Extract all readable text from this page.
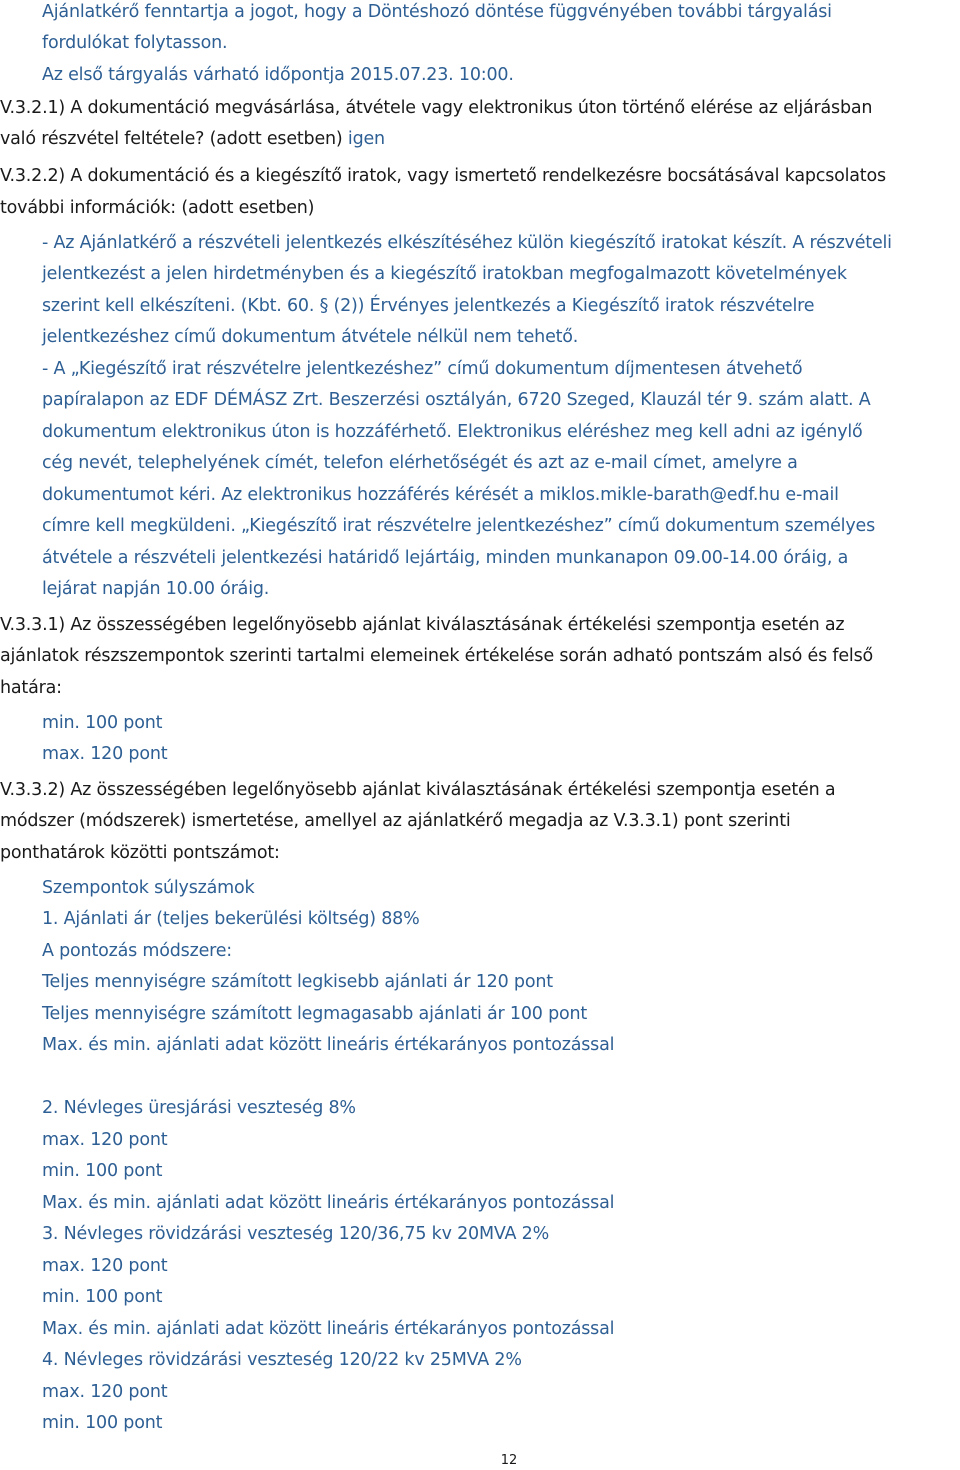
Ajánlatkérő fenntartja a jogot, hogy a Döntéshozó döntése függvényében további tárgyalási
fordulókat folytasson.
Az első tárgyalás várható időpontja 2015.07.23. 10:00.
V.3.2.1) A dokumentáció megvásárlása, átvétele vagy elektronikus úton történő elérése az eljárásban
való részvétel feltétele? (adott esetben) igen
V.3.2.2) A dokumentáció és a kiegészítő iratok, vagy ismertető rendelkezésre bocsátásával kapcsolatos
további információk: (adott esetben)
- Az Ajánlatkérő a részvételi jelentkezés elkészítéséhez külön kiegészítő iratokat készít. A részvételi
jelentkezést a jelen hirdetményben és a kiegészítő iratokban megfogalmazott követelmények
szerint kell elkészíteni. (Kbt. 60. § (2)) Érvényes jelentkezés a Kiegészítő iratok részvételre
jelentkezéshez című dokumentum átvétele nélkül nem tehető.
- A „Kiegészítő irat részvételre jelentkezéshez” című dokumentum díjmentesen átvehető
papíralapon az EDF DÉMÁSZ Zrt. Beszerzési osztályán, 6720 Szeged, Klauzál tér 9. szám alatt. A
dokumentum elektronikus úton is hozzáférhető. Elektronikus eléréshez meg kell adni az igénylő
cég nevét, telephelyének címét, telefon elérhetőségét és azt az e-mail címet, amelyre a
dokumentumot kéri. Az elektronikus hozzáférés kérését a miklos.mikle-barath@edf.hu e-mail
címre kell megküldeni. „Kiegészítő irat részvételre jelentkezéshez” című dokumentum személyes
átvétele a részvételi jelentkezési határidő lejártáig, minden munkanapon 09.00-14.00 óráig, a
lejárat napján 10.00 óráig.
V.3.3.1) Az összességében legelőnyösebb ajánlat kiválasztásának értékelési szempontja esetén az
ajánlatok részszempontok szerinti tartalmi elemeinek értékelése során adható pontszám alsó és felső
határa:
min. 100 pont
max. 120 pont
V.3.3.2) Az összességében legelőnyösebb ajánlat kiválasztásának értékelési szempontja esetén a
módszer (módszerek) ismertetése, amellyel az ajánlatkérő megadja az V.3.3.1) pont szerinti
ponthatárok közötti pontszámot:
Szempontok súlyszámok
1. Ajánlati ár (teljes bekerülési költség) 88%
A pontozás módszere:
Teljes mennyiségre számított legkisebb ajánlati ár 120 pont
Teljes mennyiségre számított legmagasabb ajánlati ár 100 pont
Max. és min. ajánlati adat között lineáris értékarányos pontozással
2. Névleges üresjárási veszteség 8%
max. 120 pont
min. 100 pont
Max. és min. ajánlati adat között lineáris értékarányos pontozással
3. Névleges rövidzárási veszteség 120/36,75 kv 20MVA 2%
max. 120 pont
min. 100 pont
Max. és min. ajánlati adat között lineáris értékarányos pontozással
4. Névleges rövidzárási veszteség 120/22 kv 25MVA 2%
max. 120 pont
min. 100 pont
12
